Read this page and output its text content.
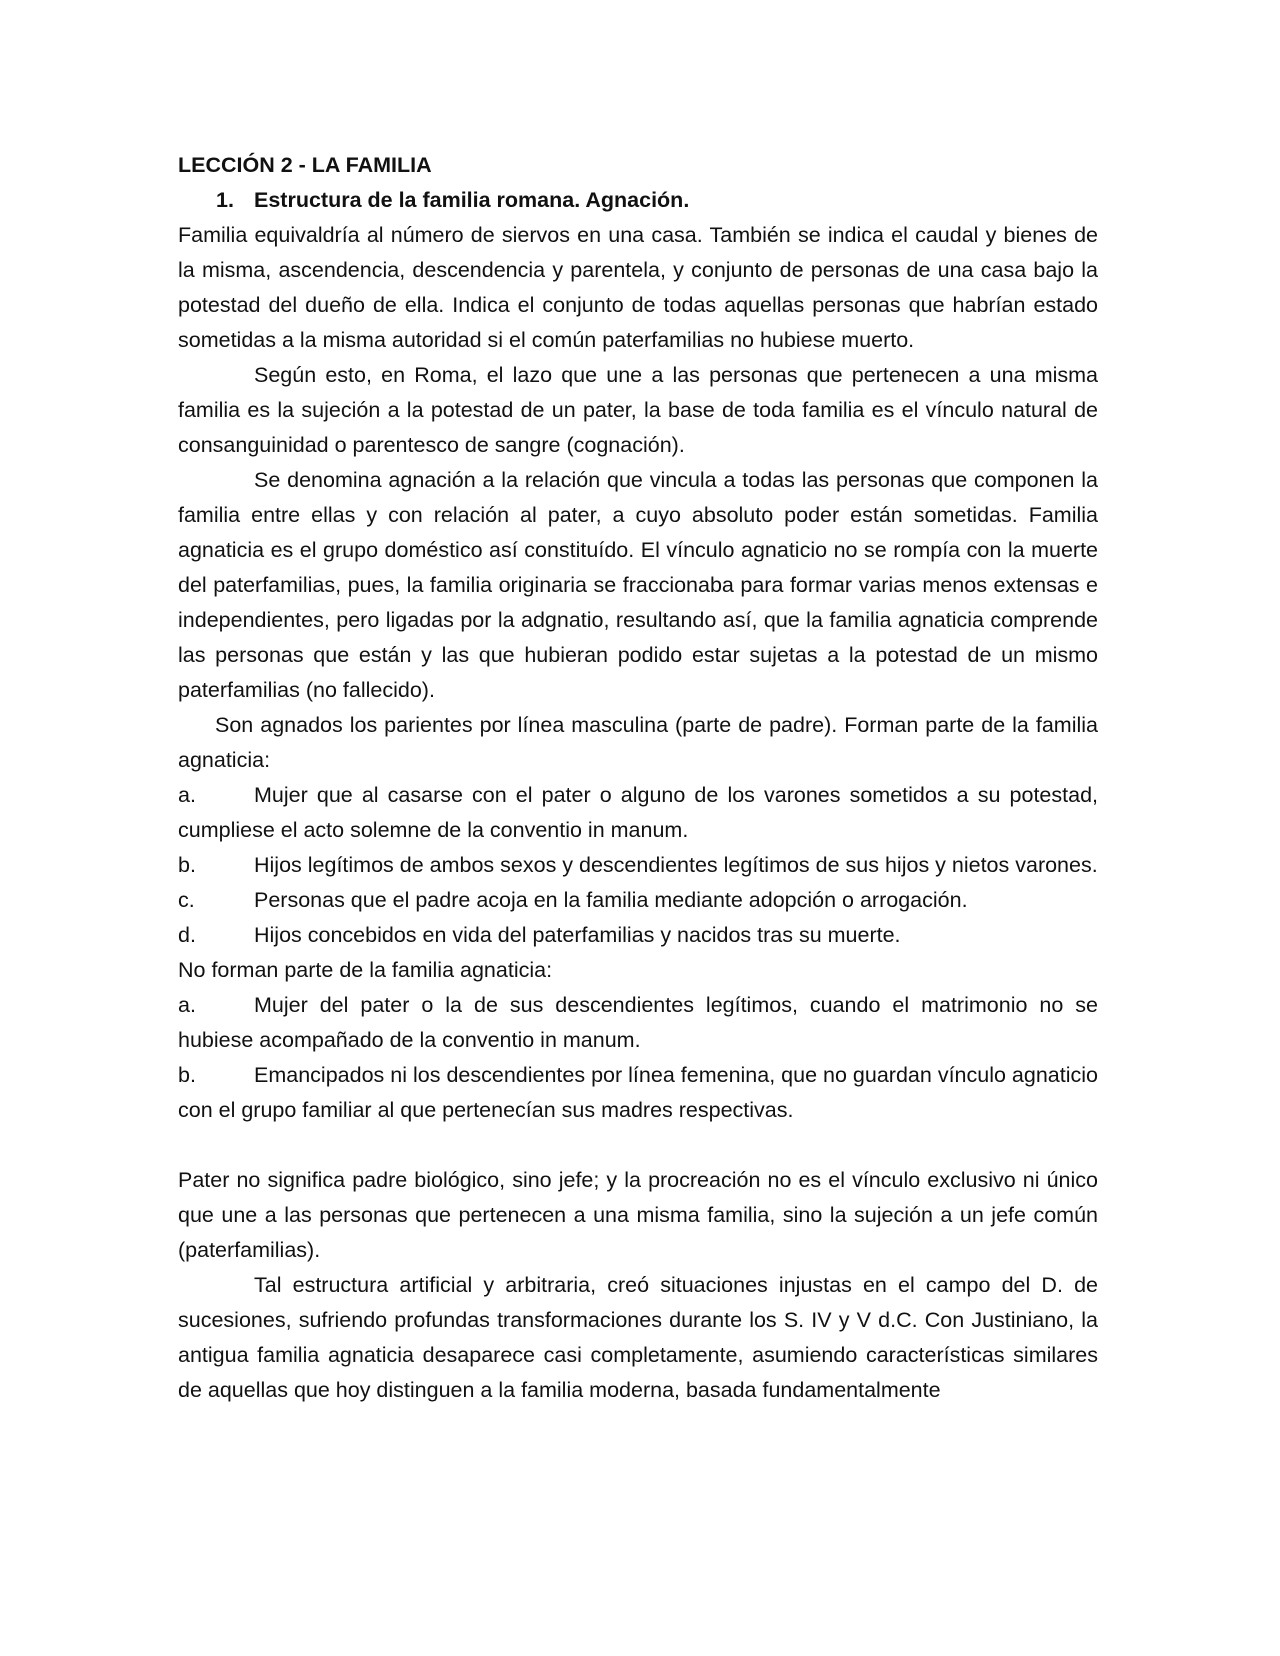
LECCIÓN 2 - LA FAMILIA

1. Estructura de la familia romana. Agnación.

Familia equivaldría al número de siervos en una casa. También se indica el caudal y bienes de la misma, ascendencia, descendencia y parentela, y conjunto de personas de una casa bajo la potestad del dueño de ella. Indica el conjunto de todas aquellas personas que habrían estado sometidas a la misma autoridad si el común paterfamilias no hubiese muerto.

Según esto, en Roma, el lazo que une a las personas que pertenecen a una misma familia es la sujeción a la potestad de un pater, la base de toda familia es el vínculo natural de consanguinidad o parentesco de sangre (cognación).

Se denomina agnación a la relación que vincula a todas las personas que componen la familia entre ellas y con relación al pater, a cuyo absoluto poder están sometidas. Familia agnaticia es el grupo doméstico así constituído. El vínculo agnaticio no se rompía con la muerte del paterfamilias, pues, la familia originaria se fraccionaba para formar varias menos extensas e independientes, pero ligadas por la adgnatio, resultando así, que la familia agnaticia comprende las personas que están y las que hubieran podido estar sujetas a la potestad de un mismo paterfamilias (no fallecido).

Son agnados los parientes por línea masculina (parte de padre). Forman parte de la familia agnaticia:

a.	Mujer que al casarse con el pater o alguno de los varones sometidos a su potestad, cumpliese el acto solemne de la conventio in manum.

b.	Hijos legítimos de ambos sexos y descendientes legítimos de sus hijos y nietos varones.

c.	Personas que el padre acoja en la familia mediante adopción o arrogación.

d.	Hijos concebidos en vida del paterfamilias y nacidos tras su muerte.

No forman parte de la familia agnaticia:

a.	Mujer del pater o la de sus descendientes legítimos, cuando el matrimonio no se hubiese acompañado de la conventio in manum.

b.	Emancipados ni los descendientes por línea femenina, que no guardan vínculo agnaticio con el grupo familiar al que pertenecían sus madres respectivas.

Pater no significa padre biológico, sino jefe; y la procreación no es el vínculo exclusivo ni único que une a las personas que pertenecen a una misma familia, sino la sujeción a un jefe común (paterfamilias).

Tal estructura artificial y arbitraria, creó situaciones injustas en el campo del D. de sucesiones, sufriendo profundas transformaciones durante los S. IV y V d.C. Con Justiniano, la antigua familia agnaticia desaparece casi completamente, asumiendo características similares de aquellas que hoy distinguen a la familia moderna, basada fundamentalmente
